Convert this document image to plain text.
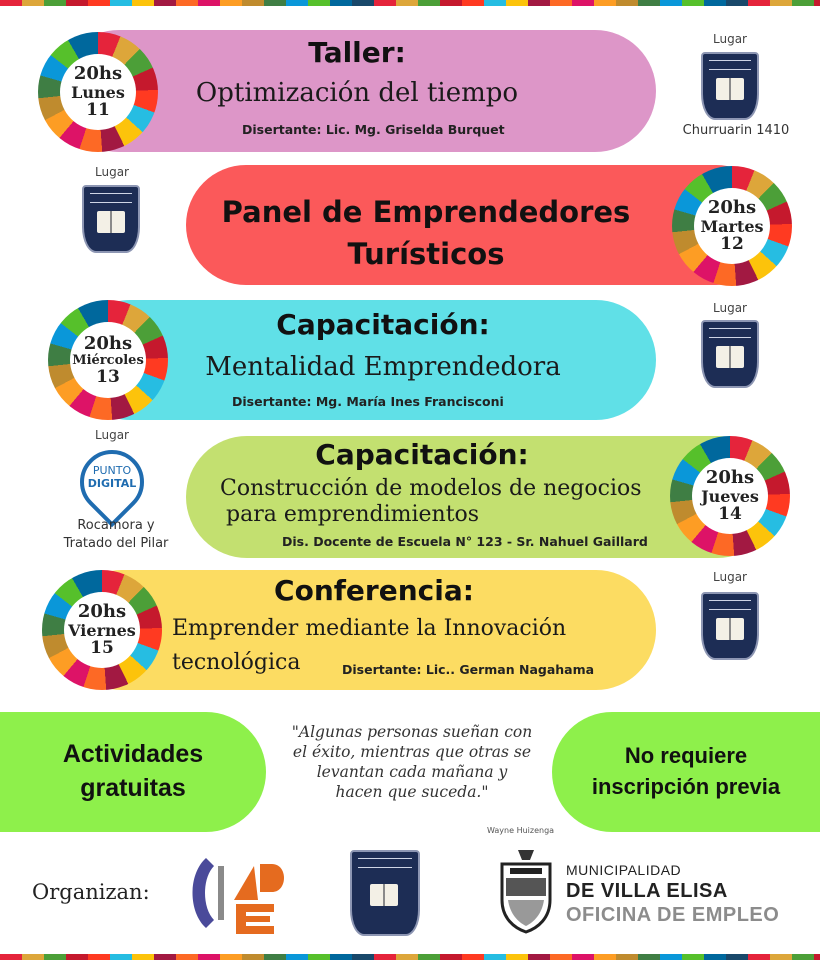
Taller:
Optimización del tiempo
Disertante: Lic. Mg. Griselda Burquet
20hs
Lunes
11
Lugar
Churruarin 1410
Lugar
Panel de Emprendedores
Turísticos
20hs
Martes
12
Capacitación:
Mentalidad Emprendedora
Disertante: Mg. María Ines Francisconi
20hs
Miércoles
13
Lugar
Lugar
PUNTO
DIGITAL
Rocamora y
Tratado del Pilar
Capacitación:
Construcción de modelos de negocios
para emprendimientos
Dis. Docente de Escuela N° 123 - Sr. Nahuel Gaillard
20hs
Jueves
14
Conferencia:
Emprender mediante la Innovación
tecnológica	Disertante: Lic.. German Nagahama
20hs
Viernes
15
Lugar
Actividades
gratuitas
"Algunas personas sueñan con
el éxito, mientras que otras se
levantan cada mañana y
hacen que suceda."
Wayne Huizenga
No requiere
inscripción previa
Organizan:
MUNICIPALIDAD
DE VILLA ELISA
OFICINA DE EMPLEO
